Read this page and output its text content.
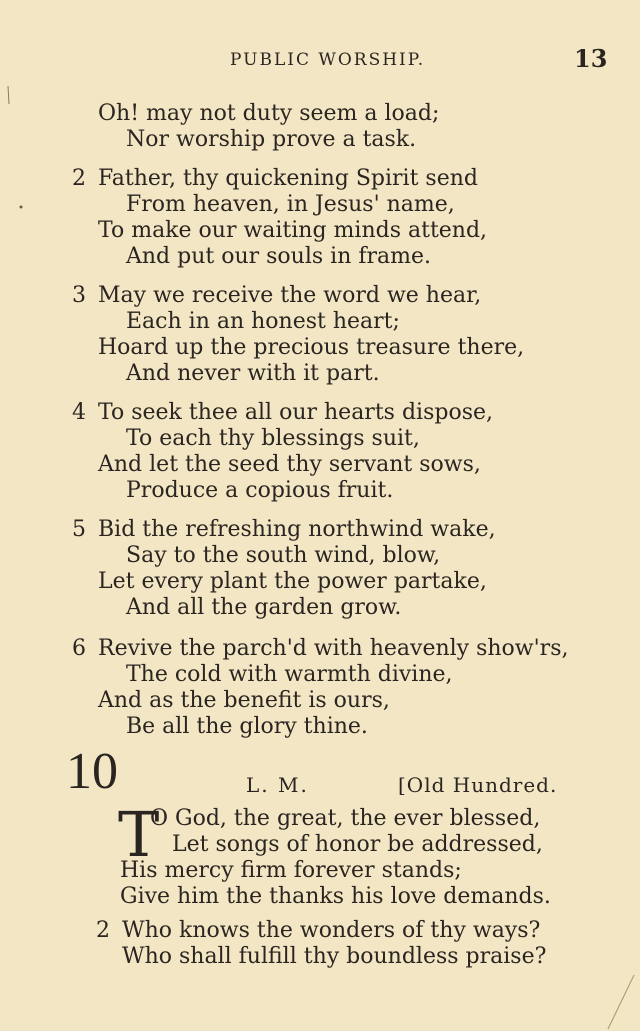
PUBLIC WORSHIP.	13
Oh! may not duty seem a load;
Nor worship prove a task.
2 Father, thy quickening Spirit send
From heaven, in Jesus' name,
To make our waiting minds attend,
And put our souls in frame.
3 May we receive the word we hear,
Each in an honest heart;
Hoard up the precious treasure there,
And never with it part.
4 To seek thee all our hearts dispose,
To each thy blessings suit,
And let the seed thy servant sows,
Produce a copious fruit.
5 Bid the refreshing northwind wake,
Say to the south wind, blow,
Let every plant the power partake,
And all the garden grow.
6 Revive the parch'd with heavenly show'rs,
The cold with warmth divine,
And as the benefit is ours,
Be all the glory thine.
10	L. M.	[Old Hundred.
T
O God, the great, the ever blessed,
Let songs of honor be addressed,
His mercy firm forever stands;
Give him the thanks his love demands.
2 Who knows the wonders of thy ways?
Who shall fulfill thy boundless praise?
